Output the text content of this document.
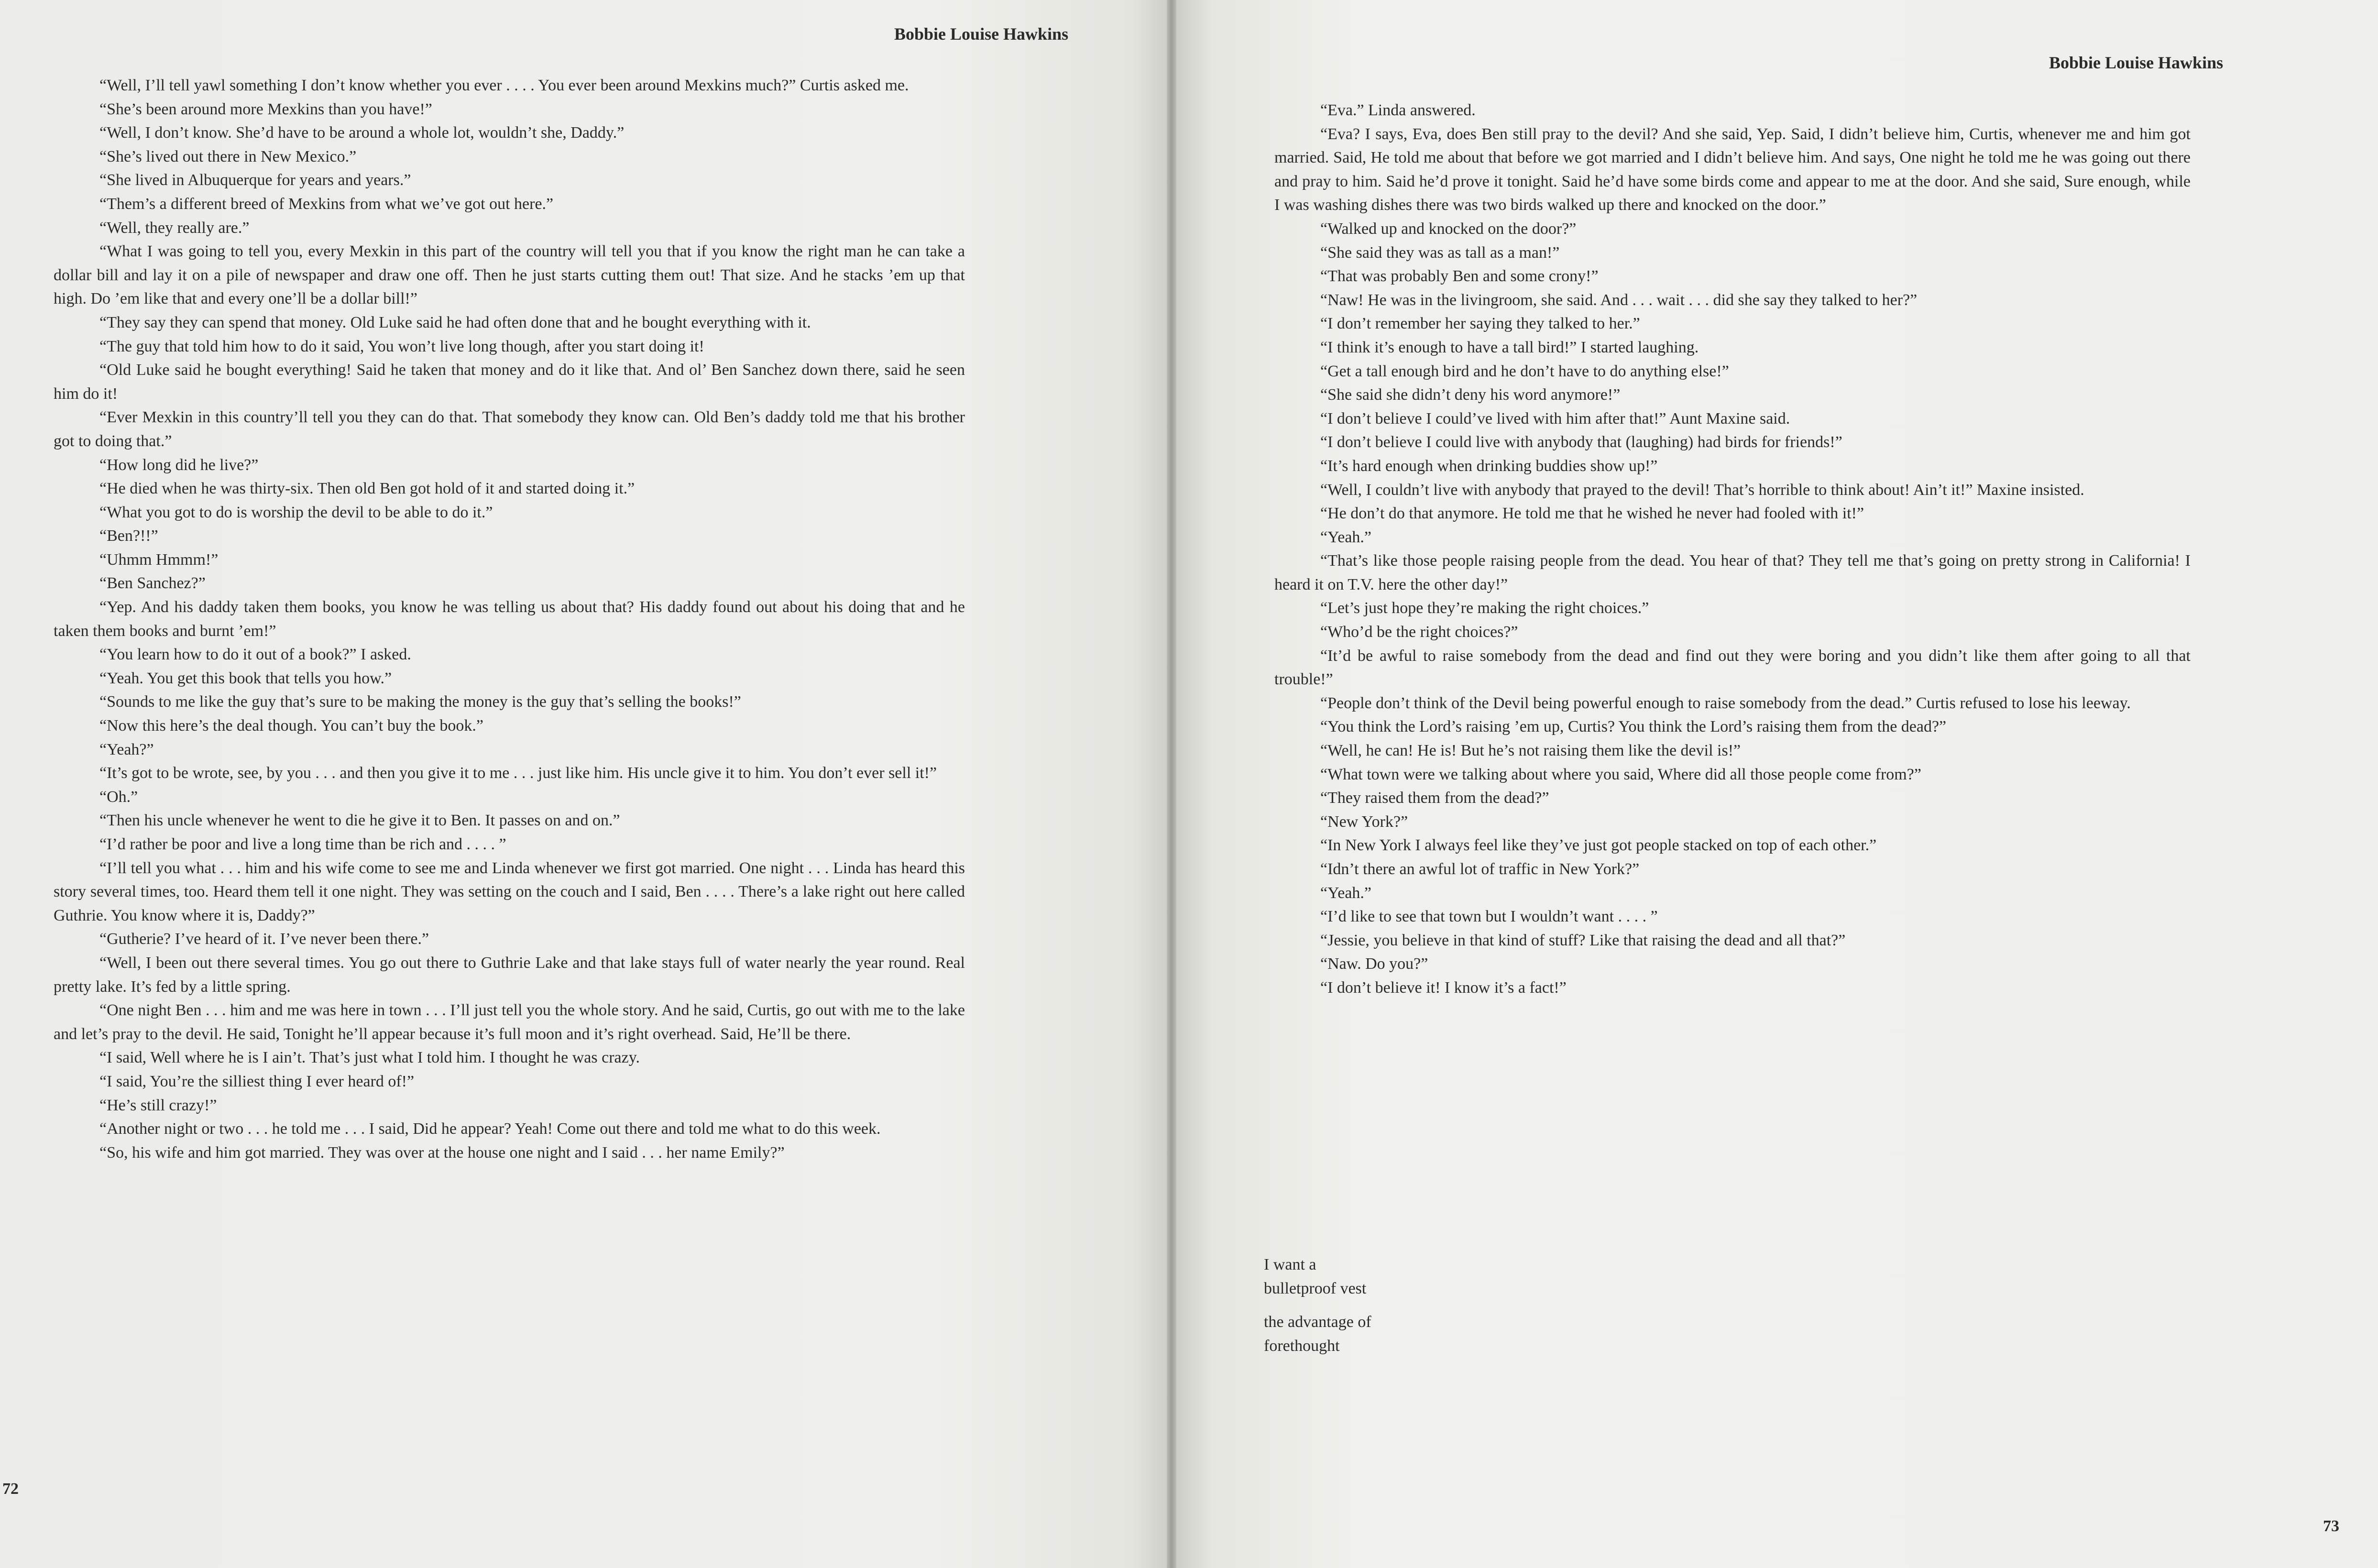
Bobbie Louise Hawkins

“Well, I’ll tell yawl something I don’t know whether you ever . . . . You ever been around Mexkins much?” Curtis asked me.

“She’s been around more Mexkins than you have!”

“Well, I don’t know. She’d have to be around a whole lot, wouldn’t she, Daddy.”

“She’s lived out there in New Mexico.”

“She lived in Albuquerque for years and years.”

“Them’s a different breed of Mexkins from what we’ve got out here.”

“Well, they really are.”

“What I was going to tell you, every Mexkin in this part of the country will tell you that if you know the right man he can take a dollar bill and lay it on a pile of newspaper and draw one off. Then he just starts cutting them out! That size. And he stacks ’em up that high. Do ’em like that and every one’ll be a dollar bill!”

“They say they can spend that money. Old Luke said he had often done that and he bought everything with it.

“The guy that told him how to do it said, You won’t live long though, after you start doing it!

“Old Luke said he bought everything! Said he taken that money and do it like that. And ol’ Ben Sanchez down there, said he seen him do it!

“Ever Mexkin in this country’ll tell you they can do that. That somebody they know can. Old Ben’s daddy told me that his brother got to doing that.”

“How long did he live?”

“He died when he was thirty-six. Then old Ben got hold of it and started doing it.”

“What you got to do is worship the devil to be able to do it.”

“Ben?!!”

“Uhmm Hmmm!”

“Ben Sanchez?”

“Yep. And his daddy taken them books, you know he was telling us about that? His daddy found out about his doing that and he taken them books and burnt ’em!”

“You learn how to do it out of a book?” I asked.

“Yeah. You get this book that tells you how.”

“Sounds to me like the guy that’s sure to be making the money is the guy that’s selling the books!”

“Now this here’s the deal though. You can’t buy the book.”

“Yeah?”

“It’s got to be wrote, see, by you . . . and then you give it to me . . . just like him. His uncle give it to him. You don’t ever sell it!”

“Oh.”

“Then his uncle whenever he went to die he give it to Ben. It passes on and on.”

“I’d rather be poor and live a long time than be rich and . . . . ”

“I’ll tell you what . . . him and his wife come to see me and Linda whenever we first got married. One night . . . Linda has heard this story several times, too. Heard them tell it one night. They was setting on the couch and I said, Ben . . . . There’s a lake right out here called Guthrie. You know where it is, Daddy?”

“Gutherie? I’ve heard of it. I’ve never been there.”

“Well, I been out there several times. You go out there to Guthrie Lake and that lake stays full of water nearly the year round. Real pretty lake. It’s fed by a little spring.

“One night Ben . . . him and me was here in town . . . I’ll just tell you the whole story. And he said, Curtis, go out with me to the lake and let’s pray to the devil. He said, Tonight he’ll appear because it’s full moon and it’s right overhead. Said, He’ll be there.

“I said, Well where he is I ain’t. That’s just what I told him. I thought he was crazy.

“I said, You’re the silliest thing I ever heard of!”

“He’s still crazy!”

“Another night or two . . . he told me . . . I said, Did he appear? Yeah! Come out there and told me what to do this week.

“So, his wife and him got married. They was over at the house one night and I said . . . her name Emily?”

72
Bobbie Louise Hawkins

“Eva.” Linda answered.

“Eva? I says, Eva, does Ben still pray to the devil? And she said, Yep. Said, I didn’t believe him, Curtis, whenever me and him got married. Said, He told me about that before we got married and I didn’t believe him. And says, One night he told me he was going out there and pray to him. Said he’d prove it tonight. Said he’d have some birds come and appear to me at the door. And she said, Sure enough, while I was washing dishes there was two birds walked up there and knocked on the door.”

“Walked up and knocked on the door?”

“She said they was as tall as a man!”

“That was probably Ben and some crony!”

“Naw! He was in the livingroom, she said. And . . . wait . . . did she say they talked to her?”

“I don’t remember her saying they talked to her.”

“I think it’s enough to have a tall bird!” I started laughing.

“Get a tall enough bird and he don’t have to do anything else!”

“She said she didn’t deny his word anymore!”

“I don’t believe I could’ve lived with him after that!” Aunt Maxine said.

“I don’t believe I could live with anybody that (laughing) had birds for friends!”

“It’s hard enough when drinking buddies show up!”

“Well, I couldn’t live with anybody that prayed to the devil! That’s horrible to think about! Ain’t it!” Maxine insisted.

“He don’t do that anymore. He told me that he wished he never had fooled with it!”

“Yeah.”

“That’s like those people raising people from the dead. You hear of that? They tell me that’s going on pretty strong in California! I heard it on T.V. here the other day!”

“Let’s just hope they’re making the right choices.”

“Who’d be the right choices?”

“It’d be awful to raise somebody from the dead and find out they were boring and you didn’t like them after going to all that trouble!”

“People don’t think of the Devil being powerful enough to raise somebody from the dead.” Curtis refused to lose his leeway.

“You think the Lord’s raising ’em up, Curtis? You think the Lord’s raising them from the dead?”

“Well, he can! He is! But he’s not raising them like the devil is!”

“What town were we talking about where you said, Where did all those people come from?”

“They raised them from the dead?”

“New York?”

“In New York I always feel like they’ve just got people stacked on top of each other.”

“Idn’t there an awful lot of traffic in New York?”

“Yeah.”

“I’d like to see that town but I wouldn’t want . . . . ”

“Jessie, you believe in that kind of stuff? Like that raising the dead and all that?”

“Naw. Do you?”

“I don’t believe it! I know it’s a fact!”

I want a
bulletproof vest

the advantage of
forethought

73
